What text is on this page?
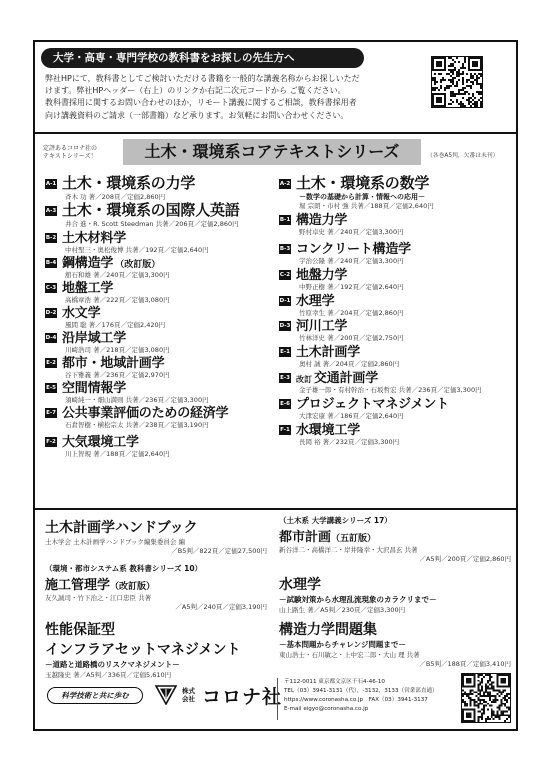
大学・高専・専門学校の教科書をお探しの先生方へ
弊社HPにて，教科書としてご検討いただける書籍を一般的な講義名称からお探しいただ
けます。弊社HPヘッダー（右上）のリンクか右記二次元コードから ご覧ください。
教科書採用に関するお問い合わせのほか，リモート講義に関するご相談，教科書採用者
向け講義資料のご請求（一部書籍）など承ります。お気軽にお問い合わせください。
定評あるコロナ社の
テキストシリーズ！	土木・環境系コアテキストシリーズ	（各巻A5判，欠番は未刊）
A-1 土木・環境系の力学
斉木 功 著／208頁／定価2,860円
A-3 土木・環境系の国際人英語
井合 進・R. Scott Steedman 共著／206頁／定価2,860円
B-2 土木材料学
中村聖三・奥松俊博 共著／192頁／定価2,640円
B-4 鋼構造学 （改訂版）
舘石和雄 著／240頁／定価3,300円
C-3 地盤工学
高橋章浩 著／222頁／定価3,080円
D-2 水文学
風間 聡 著／176頁／定価2,420円
D-4 沿岸域工学
川崎浩司 著／218頁／定価3,080円
E-2 都市・地域計画学
谷下雅義 著／236頁／定価2,970円
E-5 空間情報学
須崎純一・畑山満則 共著／236頁／定価3,300円
E-7 公共事業評価のための経済学
石倉智樹・横松宗太 共著／238頁／定価3,190円
F-2 大気環境工学
川上智規 著／188頁／定価2,640円
A-2 土木・環境系の数学
－数学の基礎から計算・情報への応用－
堀 宗朗・市村 強 共著／188頁／定価2,640円
B-1 構造力学
野村卓史 著／240頁／定価3,300円
B-3 コンクリート構造学
宇治公隆 著／240頁／定価3,300円
C-2 地盤力学
中野正樹 著／192頁／定価2,640円
D-1 水理学
竹原幸生 著／204頁／定価2,860円
D-3 河川工学
竹林洋史 著／200頁／定価2,750円
E-1 土木計画学
奥村 誠 著／204頁／定価2,860円
E-3 改訂 交通計画学
金子雄一郎・有村幹治・石坂哲宏 共著／236頁／定価3,300円
E-6 プロジェクトマネジメント
大津宏康 著／186頁／定価2,640円
F-1 水環境工学
長岡 裕 著／232頁／定価3,300円
土木計画学ハンドブック
土木学会 土木計画学ハンドブック編集委員会 編
／B5判／822頁／定価27,500円
（環境・都市システム系 教科書シリーズ 10）
施工管理学（改訂版）
友久誠司・竹下治之・江口忠臣 共著
／A5判／240頁／定価3,190円
性能保証型
インフラアセットマネジメント
－道路と道路橋のリスクマネジメント－
玉越隆史 著／A5判／336頁／定価5,610円
（土木系 大学講義シリーズ 17）
都市計画（五訂版）
新谷洋二・高橋洋二・岸井隆幸・大沢昌玄 共著
／A5判／200頁／定価2,860円
水理学
－試験対策から水理乱流現象のカラクリまで－
山上路生 著／A5判／230頁／定価3,300円
構造力学問題集
－基本問題からチャレンジ問題まで－
東山浩士・石川敏之・上中宏二郎・大山 理 共著
／B5判／188頁／定価3,410円
科学技術と共に歩む	株式会社 コロナ社
〒112-0011 東京都文京区千石4-46-10
TEL（03）3941-3131（代），-3132，3133（営業部直通）
https://www.coronasha.co.jp　FAX（03）3941-3137
E-mail eigyo@coronasha.co.jp
